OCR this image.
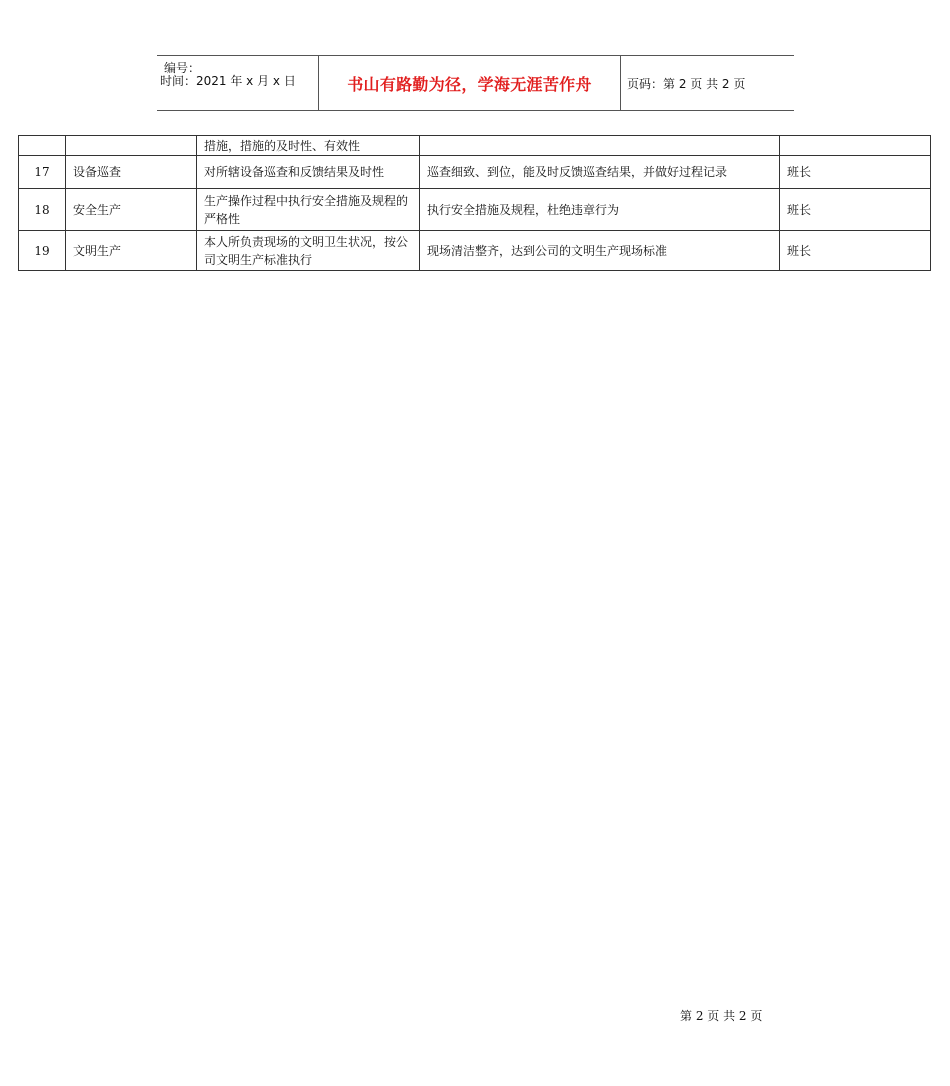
编号：
时间：2021 年 x 月 x 日	书山有路勤为径，学海无涯苦作舟	页码：第 2 页 共 2 页
		措施，措施的及时性、有效性		
17	设备巡查	对所辖设备巡查和反馈结果及时性	巡查细致、到位，能及时反馈巡查结果，并做好过程记录	班长
18	安全生产	生产操作过程中执行安全措施及规程的严格性	执行安全措施及规程，杜绝违章行为	班长
19	文明生产	本人所负责现场的文明卫生状况，按公司文明生产标准执行	现场清洁整齐，达到公司的文明生产现场标准	班长
第 2 页 共 2 页
